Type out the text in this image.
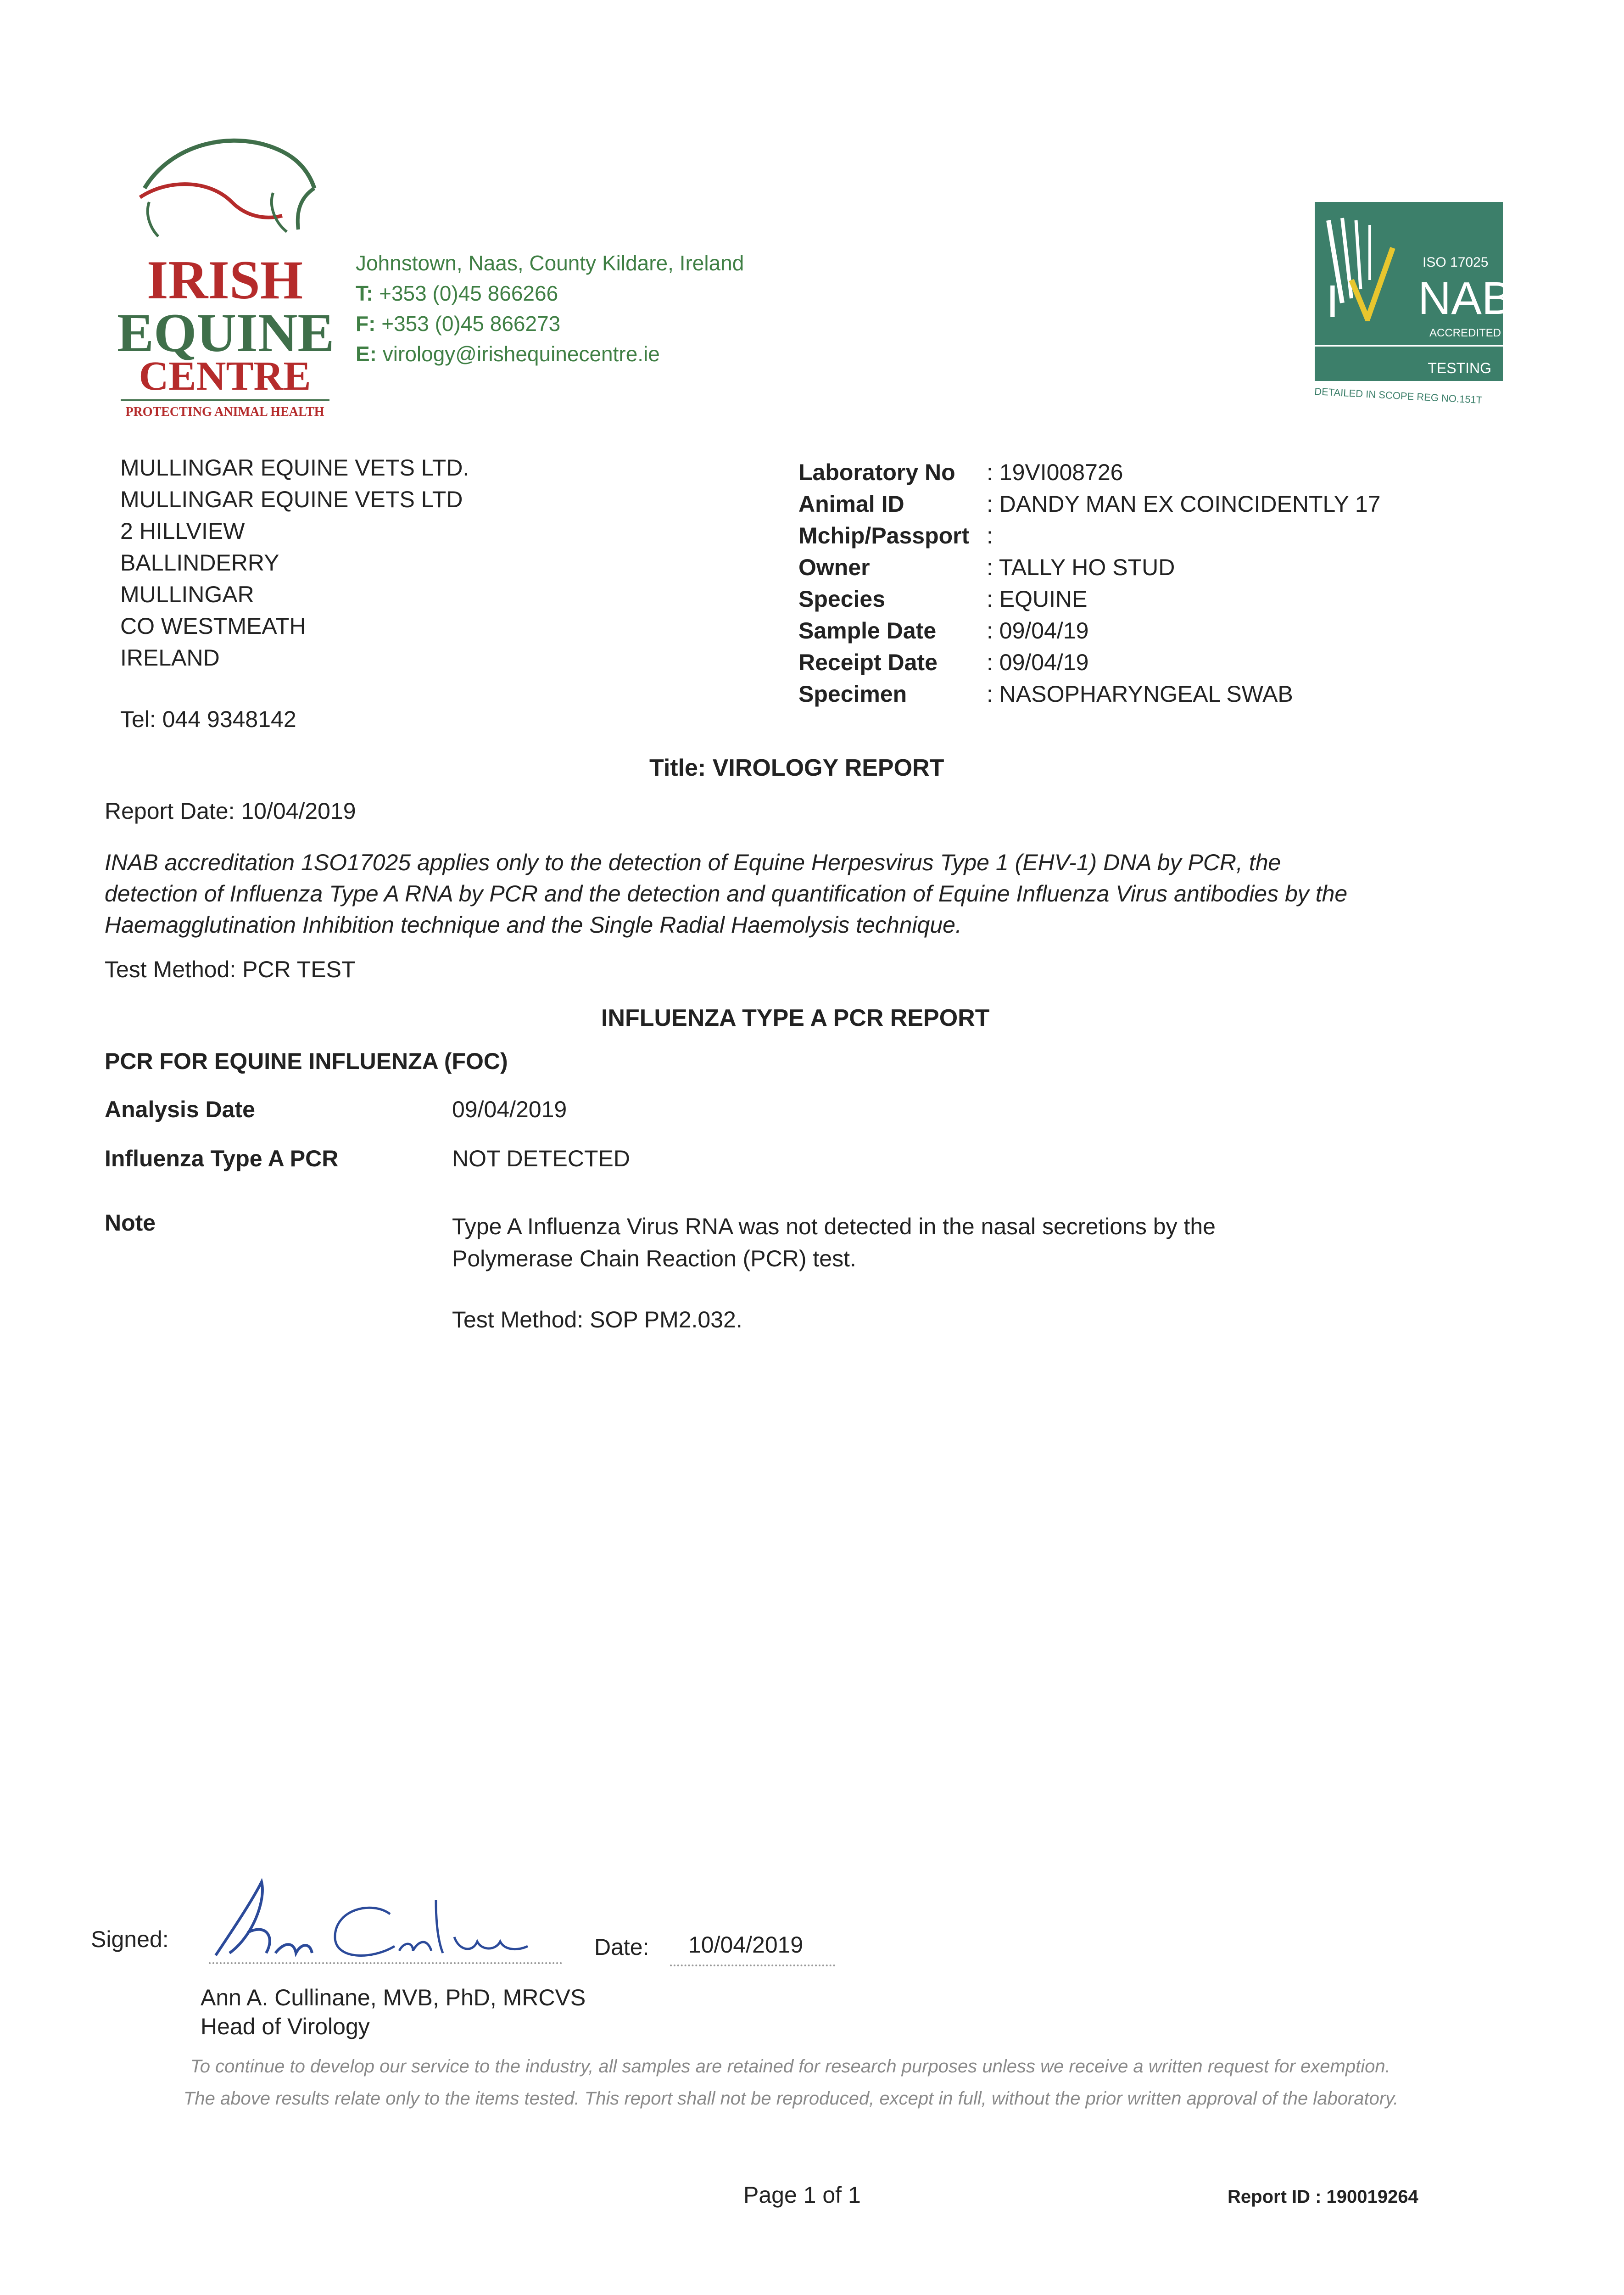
IRISH
EQUINE
CENTRE
PROTECTING ANIMAL HEALTH
Johnstown, Naas, County Kildare, Ireland
T: +353 (0)45 866266
F: +353 (0)45 866273
E: virology@irishequinecentre.ie
ISO 17025
I NAB
ACCREDITED
TESTING
DETAILED IN SCOPE REG NO.151T
MULLINGAR EQUINE VETS LTD.
MULLINGAR EQUINE VETS LTD
2 HILLVIEW
BALLINDERRY
MULLINGAR
CO WESTMEATH
IRELAND
Tel: 044 9348142
Laboratory No	: 19VI008726
Animal ID	: DANDY MAN EX COINCIDENTLY 17
Mchip/Passport :
Owner	: TALLY HO STUD
Species	: EQUINE
Sample Date	: 09/04/19
Receipt Date	: 09/04/19
Specimen	: NASOPHARYNGEAL SWAB
Title: VIROLOGY REPORT
Report Date: 10/04/2019
INAB accreditation 1SO17025 applies only to the detection of Equine Herpesvirus Type 1 (EHV-1) DNA by PCR, the
detection of Influenza Type A RNA by PCR and the detection and quantification of Equine Influenza Virus antibodies by the
Haemagglutination Inhibition technique and the Single Radial Haemolysis technique.
Test Method: PCR TEST
INFLUENZA TYPE A PCR REPORT
PCR FOR EQUINE INFLUENZA (FOC)
Analysis Date	09/04/2019
Influenza Type A PCR	NOT DETECTED
Note	Type A Influenza Virus RNA was not detected in the nasal secretions by the
Polymerase Chain Reaction (PCR) test.
Test Method: SOP PM2.032.
Signed:	Date: 10/04/2019
Ann A. Cullinane, MVB, PhD, MRCVS
Head of Virology
To continue to develop our service to the industry, all samples are retained for research purposes unless we receive a written request for exemption.
The above results relate only to the items tested. This report shall not be reproduced, except in full, without the prior written approval of the laboratory.
Page 1 of 1	Report ID : 190019264
